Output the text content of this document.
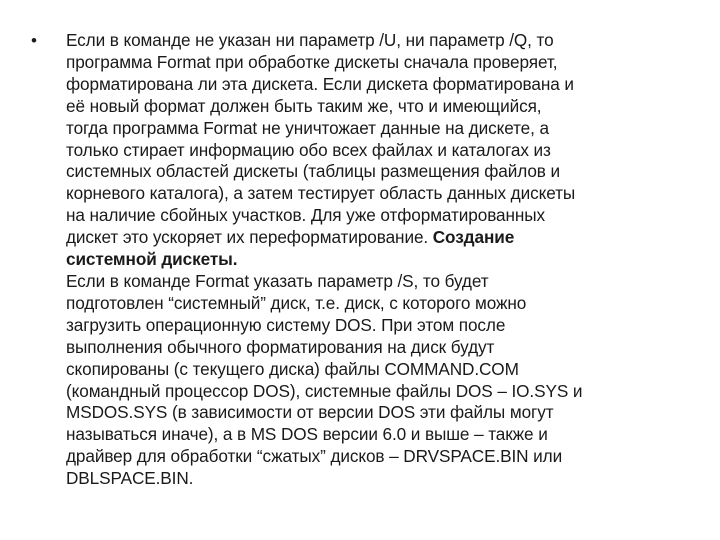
• Если в команде не указан ни параметр /U, ни параметр /Q, то
программа Format при обработке дискеты сначала проверяет,
форматирована ли эта дискета. Если дискета форматирована и
её новый формат должен быть таким же, что и имеющийся,
тогда программа Format не уничтожает данные на дискете, а
только стирает информацию обо всех файлах и каталогах из
системных областей дискеты (таблицы размещения файлов и
корневого каталога), а затем тестирует область данных дискеты
на наличие сбойных участков. Для уже отформатированных
дискет это ускоряет их переформатирование. Создание
системной дискеты.
Если в команде Format указать параметр /S, то будет
подготовлен “системный” диск, т.е. диск, с которого можно
загрузить операционную систему DOS. При этом после
выполнения обычного форматирования на диск будут
скопированы (с текущего диска) файлы COMMAND.COM
(командный процессор DOS), системные файлы DOS – IO.SYS и
MSDOS.SYS (в зависимости от версии DOS эти файлы могут
называться иначе), а в MS DOS версии 6.0 и выше – также и
драйвер для обработки “сжатых” дисков – DRVSPACE.BIN или
DBLSPACE.BIN.
